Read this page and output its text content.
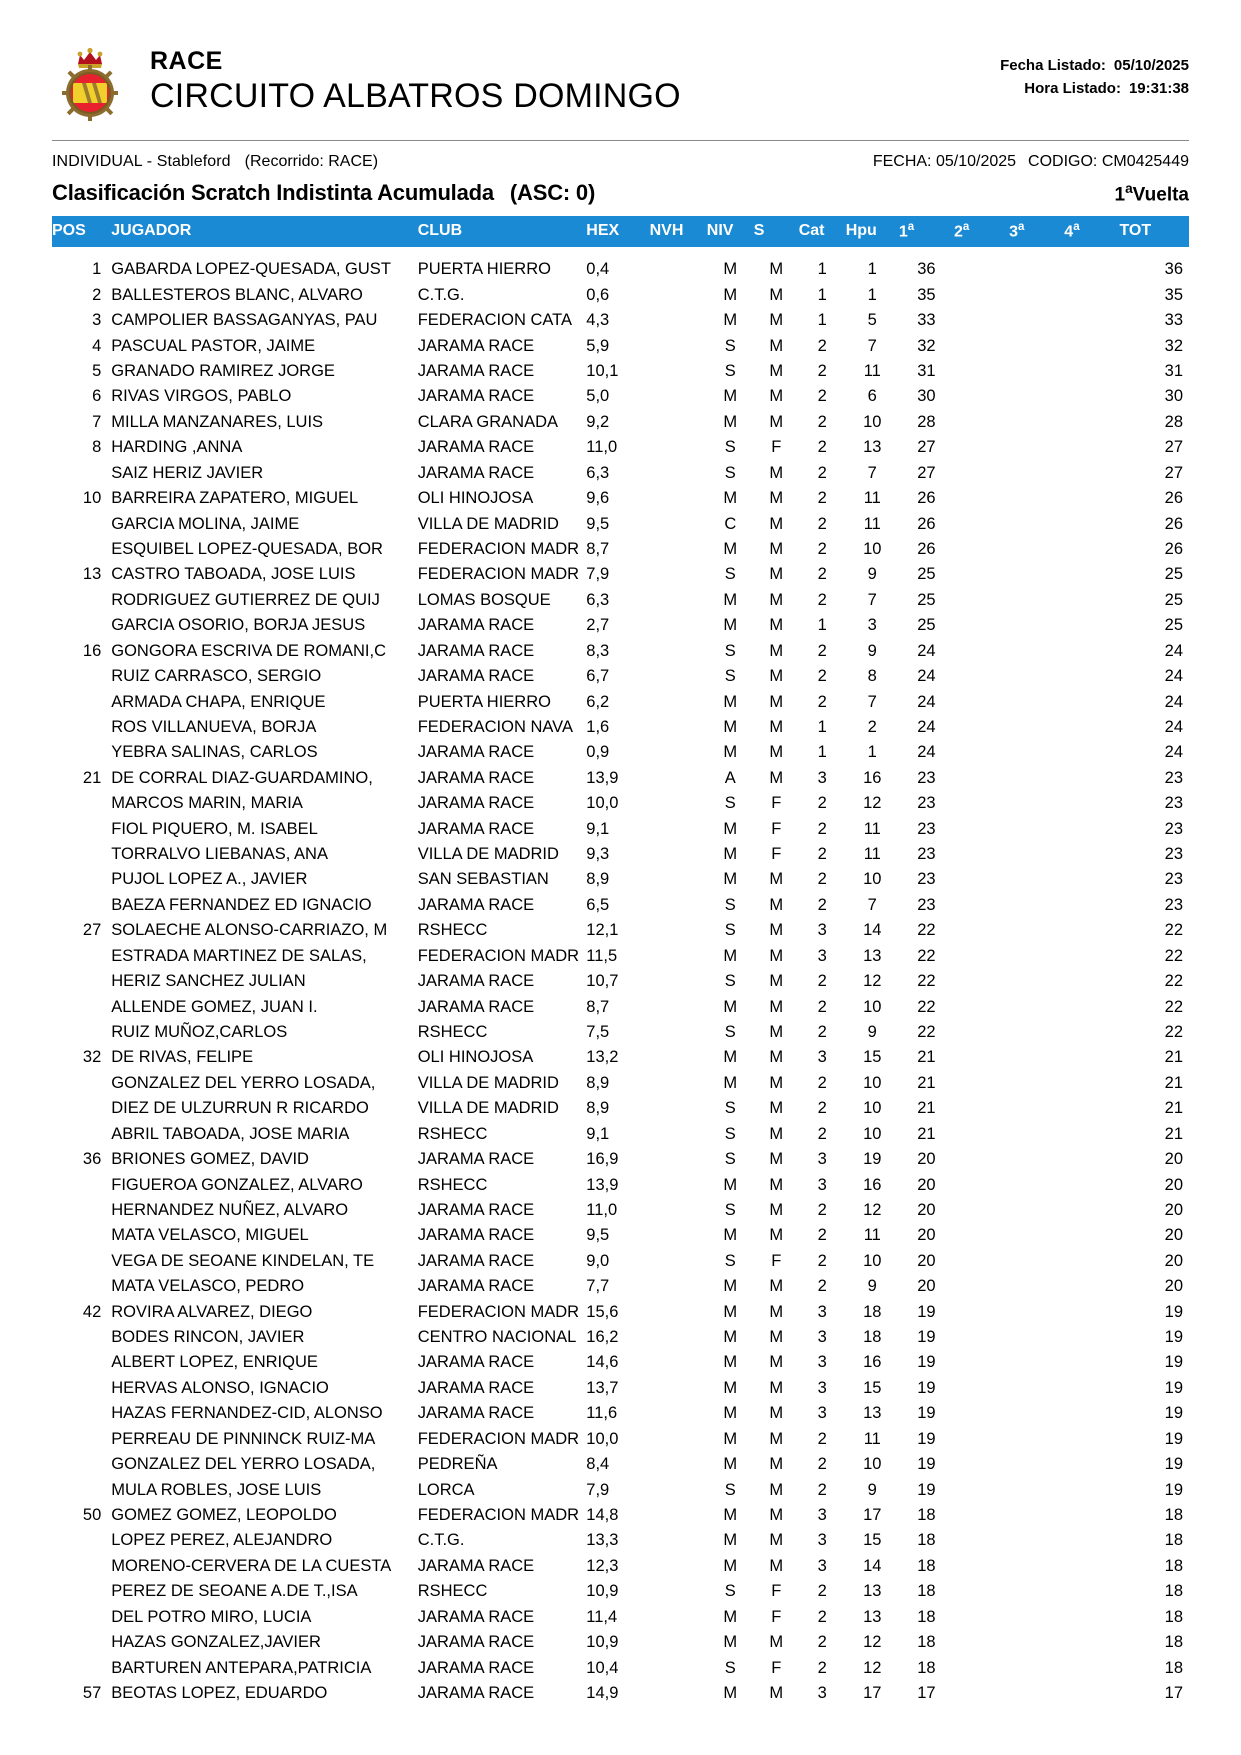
RACE
CIRCUITO ALBATROS DOMINGO
Fecha Listado: 05/10/2025
Hora Listado: 19:31:38
INDIVIDUAL - Stableford (Recorrido: RACE)	FECHA: 05/10/2025 CODIGO: CM0425449
Clasificación Scratch Indistinta Acumulada (ASC: 0)	1$^a$Vuelta
POS	JUGADOR	CLUB	HEX	NVH	NIV	S	Cat	Hpu	1$^a$	2$^a$	3$^a$	4$^a$	TOT

1	GABARDA LOPEZ-QUESADA, GUST	PUERTA HIERRO	0,4		M	M	1	1	36				36
2	BALLESTEROS BLANC, ALVARO	C.T.G.	0,6		M	M	1	1	35				35
3	CAMPOLIER BASSAGANYAS, PAU	FEDERACION CATA	4,3		M	M	1	5	33				33
4	PASCUAL PASTOR, JAIME	JARAMA RACE	5,9		S	M	2	7	32				32
5	GRANADO RAMIREZ JORGE	JARAMA RACE	10,1		S	M	2	11	31				31
6	RIVAS VIRGOS, PABLO	JARAMA RACE	5,0		M	M	2	6	30				30
7	MILLA MANZANARES, LUIS	CLARA GRANADA	9,2		M	M	2	10	28				28
8	HARDING ,ANNA	JARAMA RACE	11,0		S	F	2	13	27				27
	SAIZ HERIZ JAVIER	JARAMA RACE	6,3		S	M	2	7	27				27
10	BARREIRA ZAPATERO, MIGUEL	OLI HINOJOSA	9,6		M	M	2	11	26				26
	GARCIA MOLINA, JAIME	VILLA DE MADRID	9,5		C	M	2	11	26				26
	ESQUIBEL LOPEZ-QUESADA, BOR	FEDERACION MADR	8,7		M	M	2	10	26				26
13	CASTRO TABOADA, JOSE LUIS	FEDERACION MADR	7,9		S	M	2	9	25				25
	RODRIGUEZ GUTIERREZ DE QUIJ	LOMAS BOSQUE	6,3		M	M	2	7	25				25
	GARCIA OSORIO, BORJA JESUS	JARAMA RACE	2,7		M	M	1	3	25				25
16	GONGORA ESCRIVA DE ROMANI,C	JARAMA RACE	8,3		S	M	2	9	24				24
	RUIZ CARRASCO, SERGIO	JARAMA RACE	6,7		S	M	2	8	24				24
	ARMADA CHAPA, ENRIQUE	PUERTA HIERRO	6,2		M	M	2	7	24				24
	ROS VILLANUEVA, BORJA	FEDERACION NAVA	1,6		M	M	1	2	24				24
	YEBRA SALINAS, CARLOS	JARAMA RACE	0,9		M	M	1	1	24				24
21	DE CORRAL DIAZ-GUARDAMINO,	JARAMA RACE	13,9		A	M	3	16	23				23
	MARCOS MARIN, MARIA	JARAMA RACE	10,0		S	F	2	12	23				23
	FIOL PIQUERO, M. ISABEL	JARAMA RACE	9,1		M	F	2	11	23				23
	TORRALVO LIEBANAS, ANA	VILLA DE MADRID	9,3		M	F	2	11	23				23
	PUJOL LOPEZ A., JAVIER	SAN SEBASTIAN	8,9		M	M	2	10	23				23
	BAEZA FERNANDEZ ED IGNACIO	JARAMA RACE	6,5		S	M	2	7	23				23
27	SOLAECHE ALONSO-CARRIAZO, M	RSHECC	12,1		S	M	3	14	22				22
	ESTRADA MARTINEZ DE SALAS,	FEDERACION MADR	11,5		M	M	3	13	22				22
	HERIZ SANCHEZ JULIAN	JARAMA RACE	10,7		S	M	2	12	22				22
	ALLENDE GOMEZ, JUAN I.	JARAMA RACE	8,7		M	M	2	10	22				22
	RUIZ MUÑOZ,CARLOS	RSHECC	7,5		S	M	2	9	22				22
32	DE RIVAS, FELIPE	OLI HINOJOSA	13,2		M	M	3	15	21				21
	GONZALEZ DEL YERRO LOSADA,	VILLA DE MADRID	8,9		M	M	2	10	21				21
	DIEZ DE ULZURRUN R RICARDO	VILLA DE MADRID	8,9		S	M	2	10	21				21
	ABRIL TABOADA, JOSE MARIA	RSHECC	9,1		S	M	2	10	21				21
36	BRIONES GOMEZ, DAVID	JARAMA RACE	16,9		S	M	3	19	20				20
	FIGUEROA GONZALEZ, ALVARO	RSHECC	13,9		M	M	3	16	20				20
	HERNANDEZ NUÑEZ, ALVARO	JARAMA RACE	11,0		S	M	2	12	20				20
	MATA VELASCO, MIGUEL	JARAMA RACE	9,5		M	M	2	11	20				20
	VEGA DE SEOANE KINDELAN, TE	JARAMA RACE	9,0		S	F	2	10	20				20
	MATA VELASCO, PEDRO	JARAMA RACE	7,7		M	M	2	9	20				20
42	ROVIRA ALVAREZ, DIEGO	FEDERACION MADR	15,6		M	M	3	18	19				19
	BODES RINCON, JAVIER	CENTRO NACIONAL	16,2		M	M	3	18	19				19
	ALBERT LOPEZ, ENRIQUE	JARAMA RACE	14,6		M	M	3	16	19				19
	HERVAS ALONSO, IGNACIO	JARAMA RACE	13,7		M	M	3	15	19				19
	HAZAS FERNANDEZ-CID, ALONSO	JARAMA RACE	11,6		M	M	3	13	19				19
	PERREAU DE PINNINCK RUIZ-MA	FEDERACION MADR	10,0		M	M	2	11	19				19
	GONZALEZ DEL YERRO LOSADA,	PEDREÑA	8,4		M	M	2	10	19				19
	MULA ROBLES, JOSE LUIS	LORCA	7,9		S	M	2	9	19				19
50	GOMEZ GOMEZ, LEOPOLDO	FEDERACION MADR	14,8		M	M	3	17	18				18
	LOPEZ PEREZ, ALEJANDRO	C.T.G.	13,3		M	M	3	15	18				18
	MORENO-CERVERA DE LA CUESTA	JARAMA RACE	12,3		M	M	3	14	18				18
	PEREZ DE SEOANE A.DE T.,ISA	RSHECC	10,9		S	F	2	13	18				18
	DEL POTRO MIRO, LUCIA	JARAMA RACE	11,4		M	F	2	13	18				18
	HAZAS GONZALEZ,JAVIER	JARAMA RACE	10,9		M	M	2	12	18				18
	BARTUREN ANTEPARA,PATRICIA	JARAMA RACE	10,4		S	F	2	12	18				18
57	BEOTAS LOPEZ, EDUARDO	JARAMA RACE	14,9		M	M	3	17	17				17
